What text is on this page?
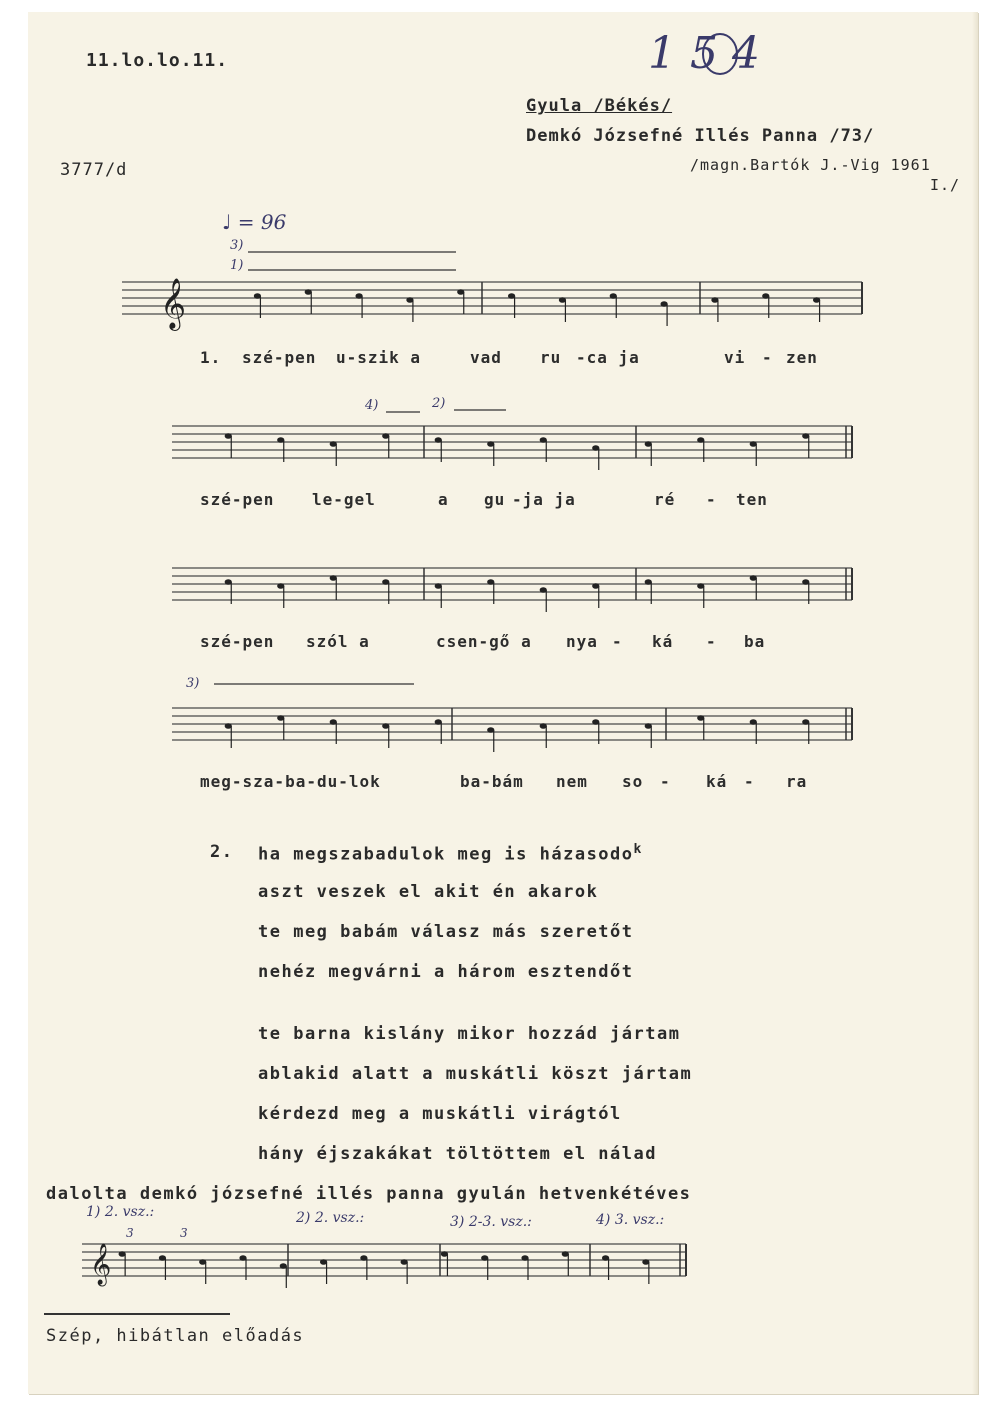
11.lo.lo.11.
3777/d
1 5 4
Gyula /Békés/
Demkó Józsefné Illés Panna /73/
/magn.Bartók J.-Vig 1961
I./
♩ = 96
𝄞
𝄞
1. szé-pen u-szik a	vad ru -ca ja	vi - zen
szé-pen le-gel	a gu -ja ja	ré - ten
szé-pen szól a	csen-gő a nya - ká - ba
meg-sza-ba-du-lok	ba-bám nem so - ká - ra
3)
1)
4)	2)
3)
2. ha megszabadulok meg is házasodo$^k$
aszt veszek el akit én akarok
te meg babám válasz más szeretőt
nehéz megvárni a három esztendőt
te barna kislány mikor hozzád jártam
ablakid alatt a muskátli köszt jártam
kérdezd meg a muskátli virágtól
hány éjszakákat töltöttem el nálad
dalolta demkó józsefné illés panna gyulán hetvenkétéves
1) 2. vsz.:	2) 2. vsz.:	3) 2-3. vsz.:	4) 3. vsz.:
3	3
Szép, hibátlan előadás
